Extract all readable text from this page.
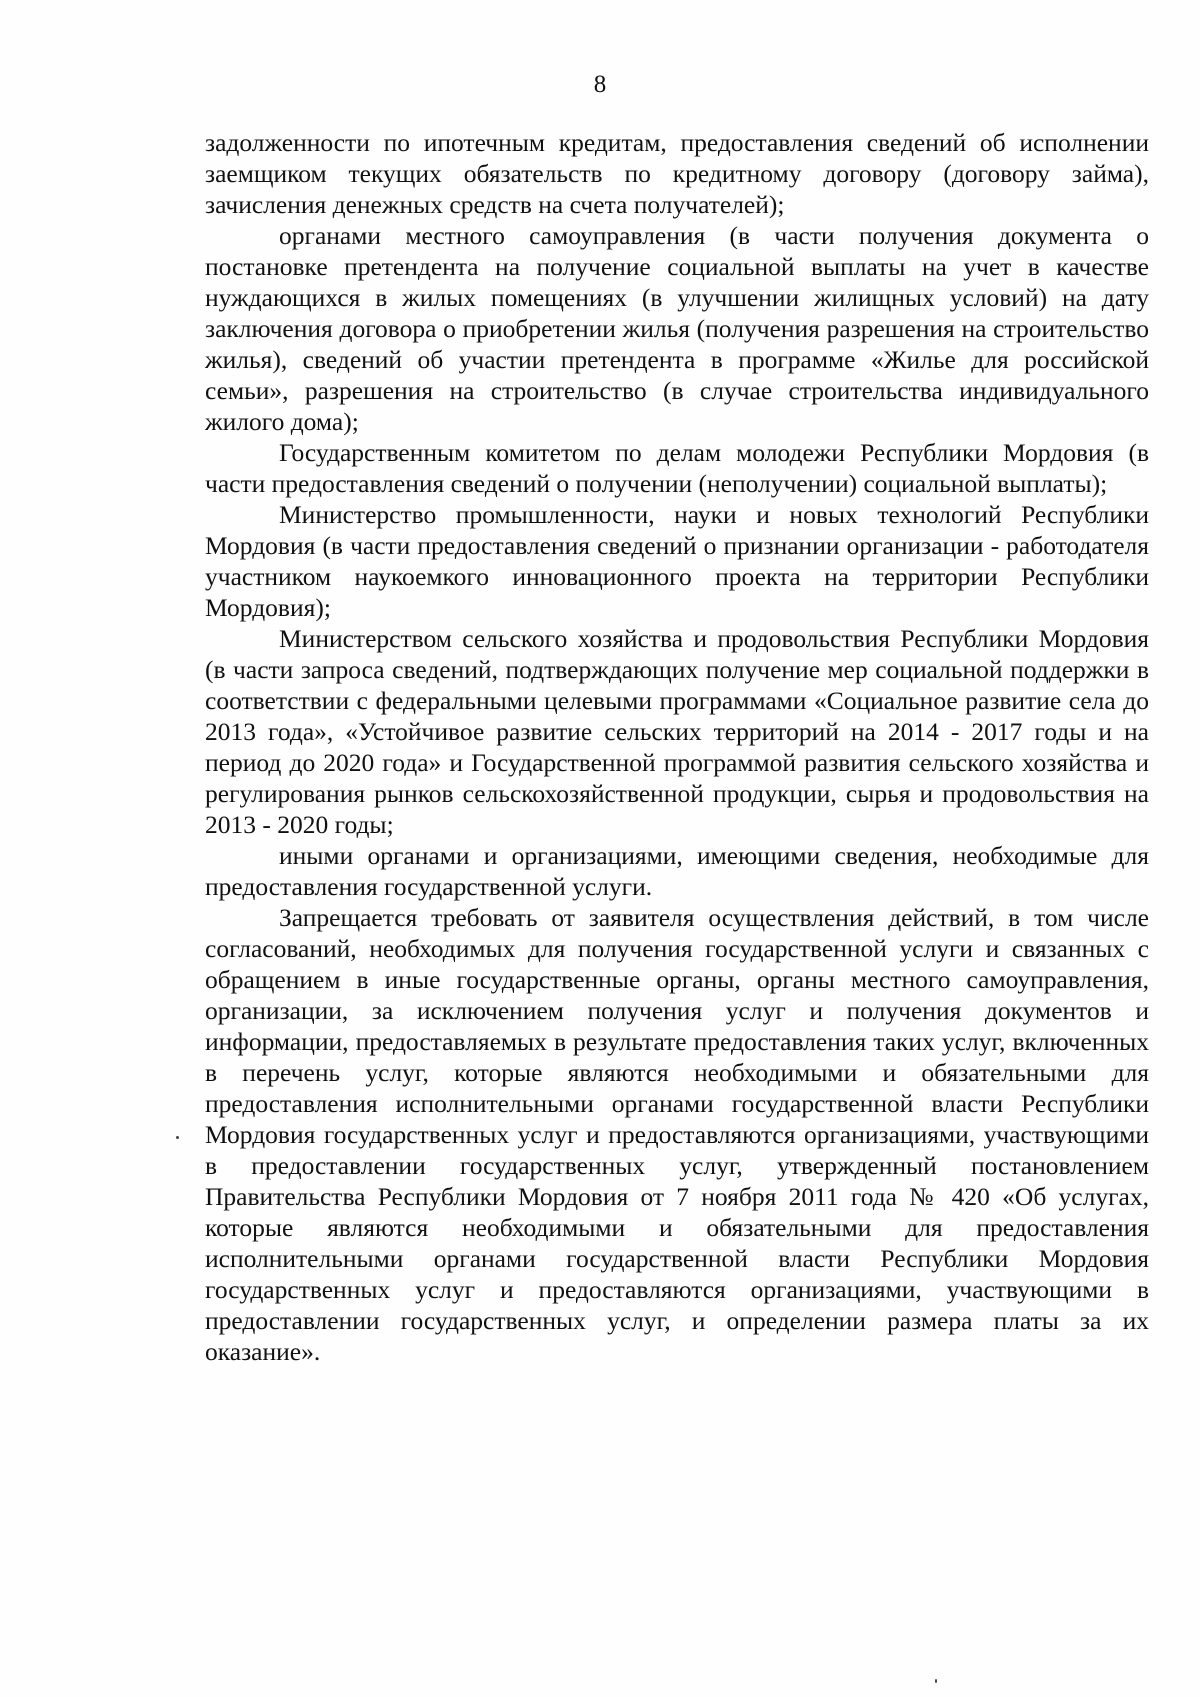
8

задолженности по ипотечным кредитам, предоставления сведений об исполнении заемщиком текущих обязательств по кредитному договору (договору займа), зачисления денежных средств на счета получателей);

органами местного самоуправления (в части получения документа о постановке претендента на получение социальной выплаты на учет в качестве нуждающихся в жилых помещениях (в улучшении жилищных условий) на дату заключения договора о приобретении жилья (получения разрешения на строительство жилья), сведений об участии претендента в программе «Жилье для российской семьи», разрешения на строительство (в случае строительства индивидуального жилого дома);

Государственным комитетом по делам молодежи Республики Мордовия (в части предоставления сведений о получении (неполучении) социальной выплаты);

Министерство промышленности, науки и новых технологий Республики Мордовия (в части предоставления сведений о признании организации - работодателя участником наукоемкого инновационного проекта на территории Республики Мордовия);

Министерством сельского хозяйства и продовольствия Республики Мордовия (в части запроса сведений, подтверждающих получение мер социальной поддержки в соответствии с федеральными целевыми программами «Социальное развитие села до 2013 года», «Устойчивое развитие сельских территорий на 2014 - 2017 годы и на период до 2020 года» и Государственной программой развития сельского хозяйства и регулирования рынков сельскохозяйственной продукции, сырья и продовольствия на 2013 - 2020 годы;

иными органами и организациями, имеющими сведения, необходимые для предоставления государственной услуги.

Запрещается требовать от заявителя осуществления действий, в том числе согласований, необходимых для получения государственной услуги и связанных с обращением в иные государственные органы, органы местного самоуправления, организации, за исключением получения услуг и получения документов и информации, предоставляемых в результате предоставления таких услуг, включенных в перечень услуг, которые являются необходимыми и обязательными для предоставления исполнительными органами государственной власти Республики Мордовия государственных услуг и предоставляются организациями, участвующими в предоставлении государственных услуг, утвержденный постановлением Правительства Республики Мордовия от 7 ноября 2011 года № 420 «Об услугах, которые являются необходимыми и обязательными для предоставления исполнительными органами государственной власти Республики Мордовия государственных услуг и предоставляются организациями, участвующими в предоставлении государственных услуг, и определении размера платы за их оказание».
